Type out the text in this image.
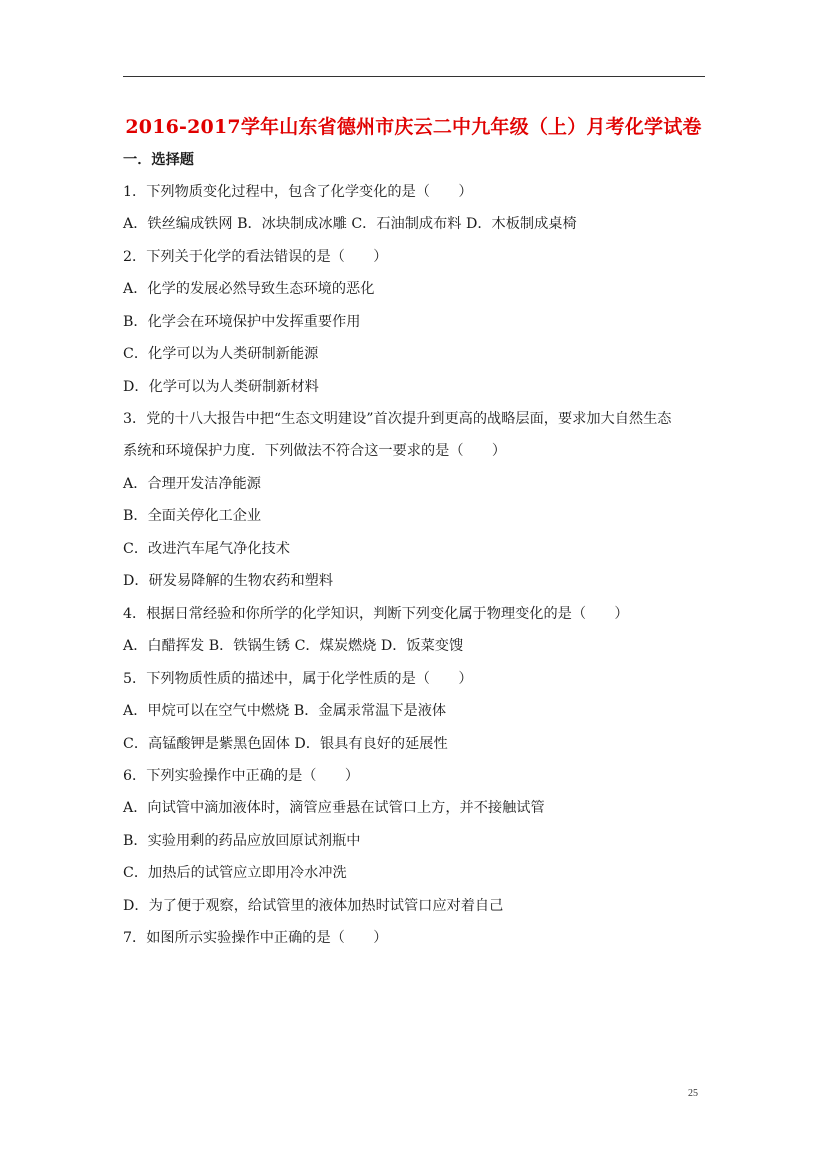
2016-2017学年山东省德州市庆云二中九年级（上）月考化学试卷
一．选择题
1．下列物质变化过程中，包含了化学变化的是（　　）
A．铁丝编成铁网 B．冰块制成冰雕 C．石油制成布料 D．木板制成桌椅
2．下列关于化学的看法错误的是（　　）
A．化学的发展必然导致生态环境的恶化
B．化学会在环境保护中发挥重要作用
C．化学可以为人类研制新能源
D．化学可以为人类研制新材料
3．党的十八大报告中把“生态文明建设”首次提升到更高的战略层面，要求加大自然生态
系统和环境保护力度．下列做法不符合这一要求的是（　　）
A．合理开发洁净能源
B．全面关停化工企业
C．改进汽车尾气净化技术
D．研发易降解的生物农药和塑料
4．根据日常经验和你所学的化学知识，判断下列变化属于物理变化的是（　　）
A．白醋挥发 B．铁锅生锈 C．煤炭燃烧 D．饭菜变馊
5．下列物质性质的描述中，属于化学性质的是（　　）
A．甲烷可以在空气中燃烧 B．金属汞常温下是液体
C．高锰酸钾是紫黑色固体 D．银具有良好的延展性
6．下列实验操作中正确的是（　　）
A．向试管中滴加液体时，滴管应垂悬在试管口上方，并不接触试管
B．实验用剩的药品应放回原试剂瓶中
C．加热后的试管应立即用冷水冲洗
D．为了便于观察，给试管里的液体加热时试管口应对着自己
7．如图所示实验操作中正确的是（　　）
25
